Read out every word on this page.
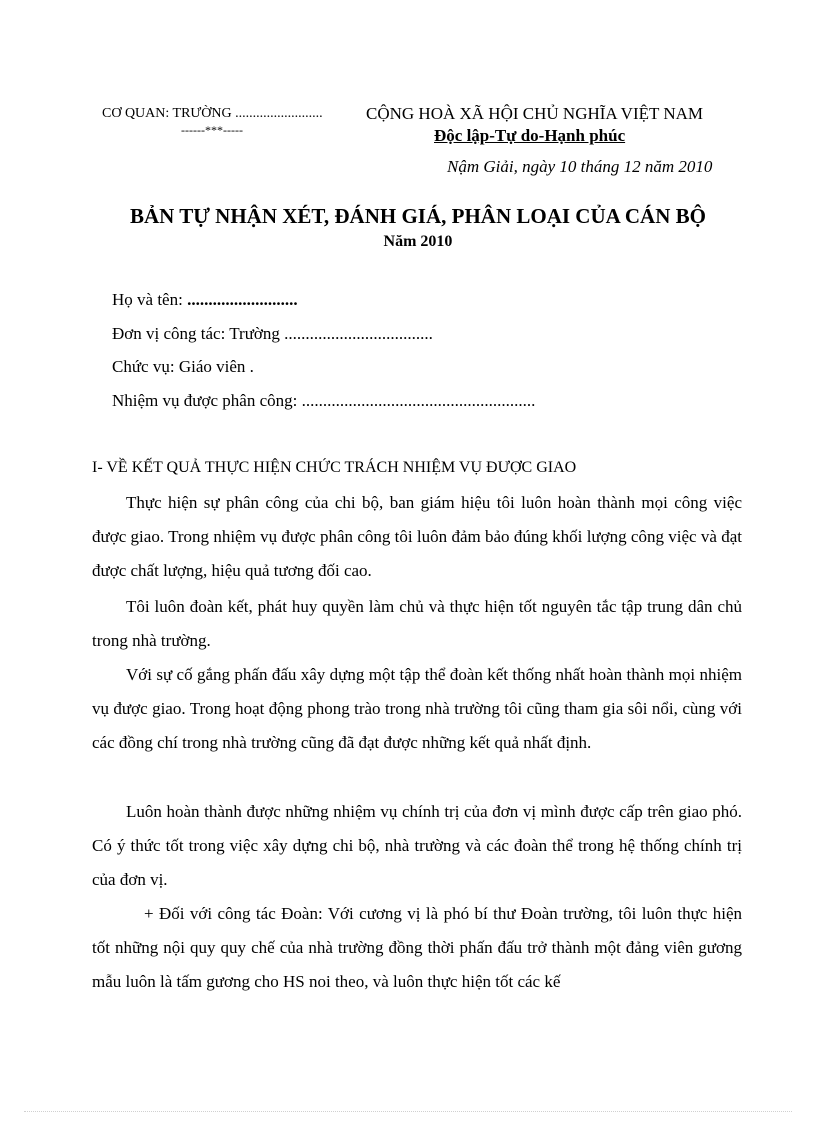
CƠ QUAN: TRƯỜNG .........................
------***-----
CỘNG HOÀ XÃ HỘI CHỦ NGHĨA VIỆT NAM
Độc lập-Tự do-Hạnh phúc
Nậm Giải, ngày 10 tháng 12 năm 2010
BẢN TỰ NHẬN XÉT, ĐÁNH GIÁ, PHÂN LOẠI CỦA CÁN BỘ
Năm 2010
Họ và tên: ..........................
Đơn vị công tác: Trường ...................................
Chức vụ: Giáo viên .
Nhiệm vụ được phân công: .......................................................
I- VỀ KẾT QUẢ THỰC HIỆN CHỨC TRÁCH NHIỆM VỤ ĐƯỢC GIAO
Thực hiện sự phân công của chi bộ, ban giám hiệu tôi luôn hoàn thành mọi công việc được giao. Trong nhiệm vụ được phân công tôi luôn đảm bảo đúng khối lượng công việc và đạt được chất lượng, hiệu quả tương đối cao.
Tôi luôn đoàn kết, phát huy quyền làm chủ và thực hiện tốt nguyên tắc tập trung dân chủ trong nhà trường.
Với sự cố gắng phấn đấu xây dựng một tập thể đoàn kết thống nhất hoàn thành mọi nhiệm vụ được giao. Trong hoạt động phong trào trong nhà trường tôi cũng tham gia sôi nổi, cùng với các đồng chí trong nhà trường cũng đã đạt được những kết quả nhất định.
Luôn hoàn thành được những nhiệm vụ chính trị của đơn vị mình được cấp trên giao phó. Có ý thức tốt trong việc xây dựng chi bộ, nhà trường và các đoàn thể trong hệ thống chính trị của đơn vị.
+ Đối với công tác Đoàn: Với cương vị là phó bí thư Đoàn trường, tôi luôn thực hiện tốt những nội quy quy chế của nhà trường đồng thời phấn đấu trở thành một đảng viên gương mẫu luôn là tấm gương cho HS noi theo, và luôn thực hiện tốt các kế
